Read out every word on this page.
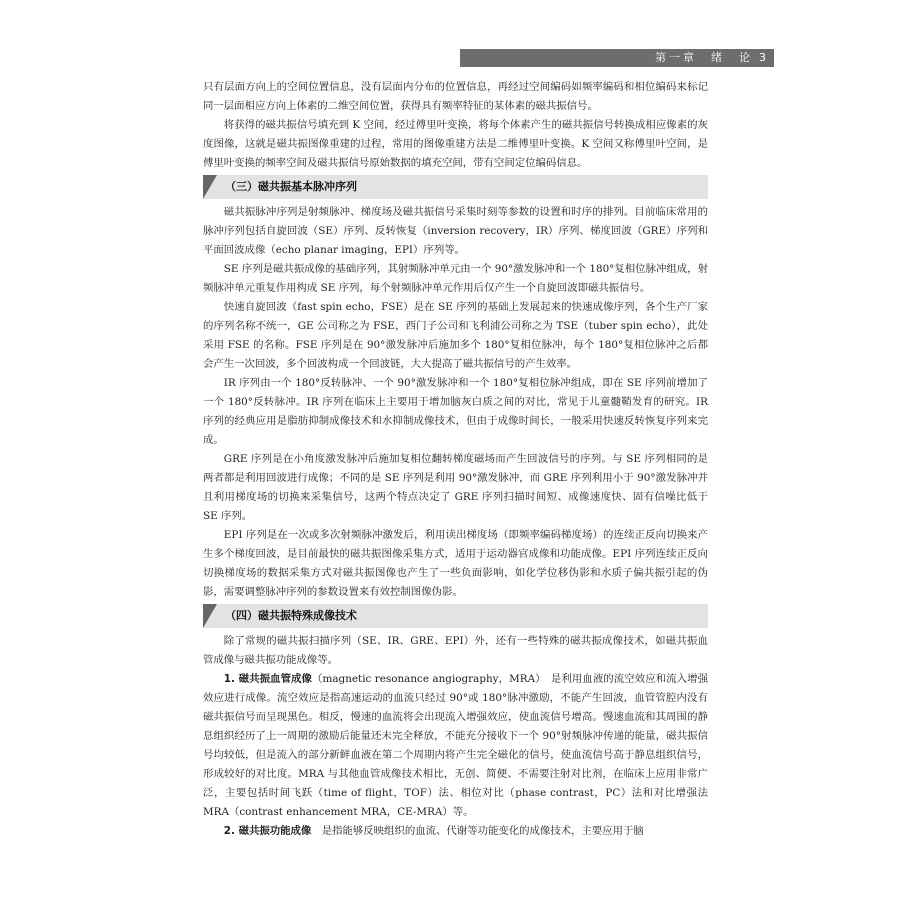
第一章　绪　论 3

只有层面方向上的空间位置信息，没有层面内分布的位置信息，再经过空间编码如频率编码和相位编码来标记同一层面相应方向上体素的二维空间位置，获得具有频率特征的某体素的磁共振信号。

将获得的磁共振信号填充到 K 空间，经过傅里叶变换，将每个体素产生的磁共振信号转换成相应像素的灰度图像，这就是磁共振图像重建的过程，常用的图像重建方法是二维傅里叶变换。K 空间又称傅里叶空间，是傅里叶变换的频率空间及磁共振信号原始数据的填充空间，带有空间定位编码信息。

（三）磁共振基本脉冲序列

磁共振脉冲序列是射频脉冲、梯度场及磁共振信号采集时刻等参数的设置和时序的排列。目前临床常用的脉冲序列包括自旋回波（SE）序列、反转恢复（inversion recovery，IR）序列、梯度回波（GRE）序列和平面回波成像（echo planar imaging，EPI）序列等。

SE 序列是磁共振成像的基础序列，其射频脉冲单元由一个 90°激发脉冲和一个 180°复相位脉冲组成，射频脉冲单元重复作用构成 SE 序列，每个射频脉冲单元作用后仅产生一个自旋回波即磁共振信号。

快速自旋回波（fast spin echo，FSE）是在 SE 序列的基础上发展起来的快速成像序列，各个生产厂家的序列名称不统一，GE 公司称之为 FSE，西门子公司和飞利浦公司称之为 TSE（tuber spin echo），此处采用 FSE 的名称。FSE 序列是在 90°激发脉冲后施加多个 180°复相位脉冲，每个 180°复相位脉冲之后都会产生一次回波，多个回波构成一个回波链，大大提高了磁共振信号的产生效率。

IR 序列由一个 180°反转脉冲、一个 90°激发脉冲和一个 180°复相位脉冲组成，即在 SE 序列前增加了一个 180°反转脉冲。IR 序列在临床上主要用于增加脑灰白质之间的对比，常见于儿童髓鞘发育的研究。IR 序列的经典应用是脂肪抑制成像技术和水抑制成像技术，但由于成像时间长，一般采用快速反转恢复序列来完成。

GRE 序列是在小角度激发脉冲后施加复相位翻转梯度磁场而产生回波信号的序列。与 SE 序列相同的是两者都是利用回波进行成像；不同的是 SE 序列是利用 90°激发脉冲，而 GRE 序列利用小于 90°激发脉冲并且利用梯度场的切换来采集信号，这两个特点决定了 GRE 序列扫描时间短、成像速度快、固有信噪比低于 SE 序列。

EPI 序列是在一次或多次射频脉冲激发后，利用读出梯度场（即频率编码梯度场）的连续正反向切换来产生多个梯度回波，是目前最快的磁共振图像采集方式，适用于运动器官成像和功能成像。EPI 序列连续正反向切换梯度场的数据采集方式对磁共振图像也产生了一些负面影响，如化学位移伪影和水质子偏共振引起的伪影，需要调整脉冲序列的参数设置来有效控制图像伪影。

（四）磁共振特殊成像技术

除了常规的磁共振扫描序列（SE、IR、GRE、EPI）外，还有一些特殊的磁共振成像技术，如磁共振血管成像与磁共振功能成像等。

1. 磁共振血管成像（magnetic resonance angiography，MRA）　是利用血液的流空效应和流入增强效应进行成像。流空效应是指高速运动的血流只经过 90°或 180°脉冲激励，不能产生回波，血管管腔内没有磁共振信号而呈现黑色。相反，慢速的血流将会出现流入增强效应，使血流信号增高。慢速血流和其周围的静息组织经历了上一周期的激励后能量还未完全释放，不能充分接收下一个 90°射频脉冲传递的能量，磁共振信号均较低，但是流入的部分新鲜血液在第二个周期内将产生完全磁化的信号，使血流信号高于静息组织信号，形成较好的对比度。MRA 与其他血管成像技术相比，无创、简便、不需要注射对比剂，在临床上应用非常广泛，主要包括时间飞跃（time of flight，TOF）法、相位对比（phase contrast，PC）法和对比增强法 MRA（contrast enhancement MRA，CE-MRA）等。

2. 磁共振功能成像　是指能够反映组织的血流、代谢等功能变化的成像技术，主要应用于脑
